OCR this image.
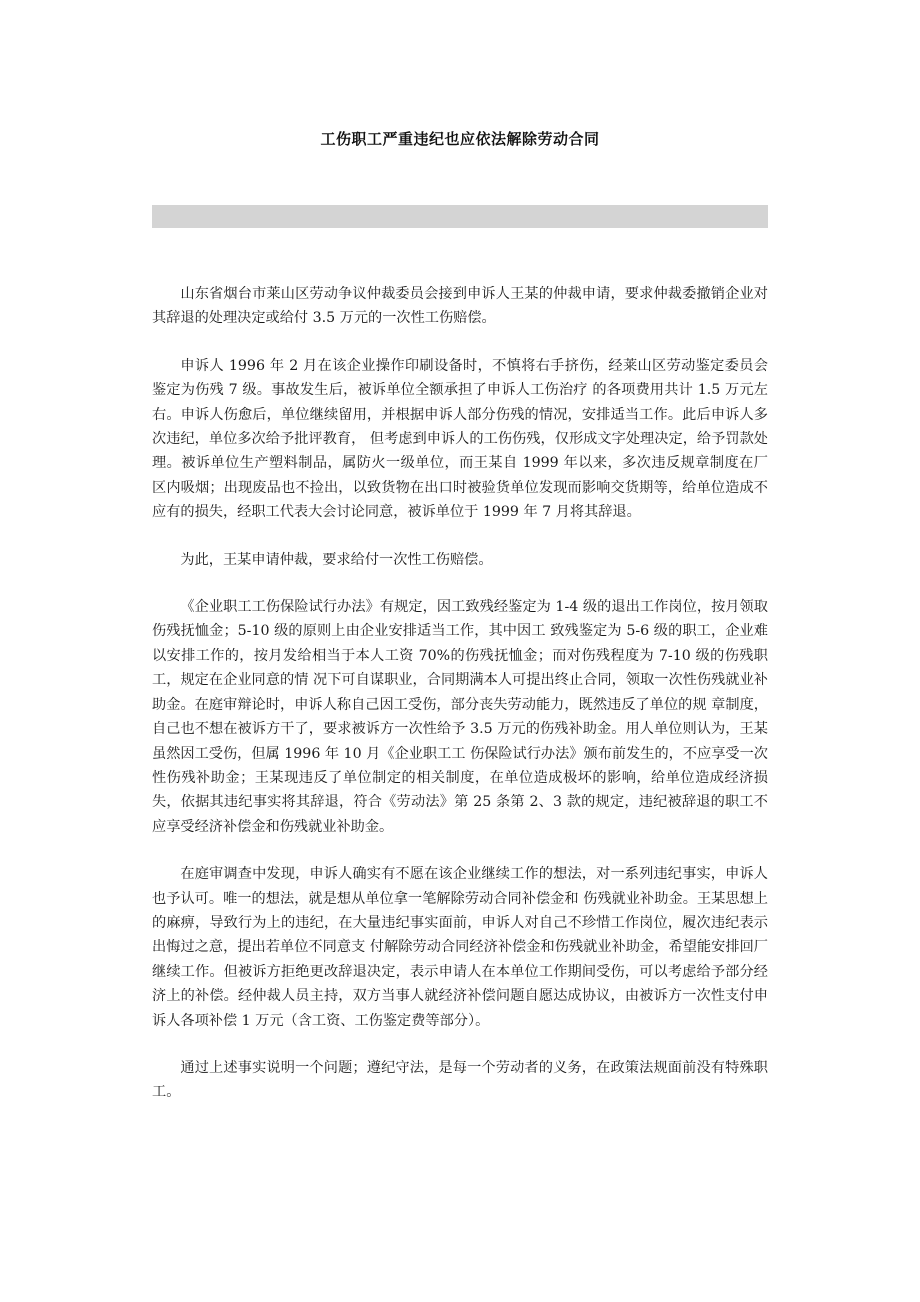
工伤职工严重违纪也应依法解除劳动合同

山东省烟台市莱山区劳动争议仲裁委员会接到申诉人王某的仲裁申请，要求仲裁委撤销企业对其辞退的处理决定或给付 3.5 万元的一次性工伤赔偿。

申诉人 1996 年 2 月在该企业操作印刷设备时，不慎将右手挤伤，经莱山区劳动鉴定委员会鉴定为伤残 7 级。事故发生后，被诉单位全额承担了申诉人工伤治疗 的各项费用共计 1.5 万元左右。申诉人伤愈后，单位继续留用，并根据申诉人部分伤残的情况，安排适当工作。此后申诉人多次违纪，单位多次给予批评教育， 但考虑到申诉人的工伤伤残，仅形成文字处理决定，给予罚款处理。被诉单位生产塑料制品，属防火一级单位，而王某自 1999 年以来，多次违反规章制度在厂 区内吸烟；出现废品也不捡出，以致货物在出口时被验货单位发现而影响交货期等，给单位造成不应有的损失，经职工代表大会讨论同意，被诉单位于 1999 年 7 月将其辞退。

为此，王某申请仲裁，要求给付一次性工伤赔偿。

《企业职工工伤保险试行办法》有规定，因工致残经鉴定为 1-4 级的退出工作岗位，按月领取伤残抚恤金；5-10 级的原则上由企业安排适当工作，其中因工 致残鉴定为 5-6 级的职工，企业难以安排工作的，按月发给相当于本人工资 70%的伤残抚恤金；而对伤残程度为 7-10 级的伤残职工，规定在企业同意的情 况下可自谋职业，合同期满本人可提出终止合同，领取一次性伤残就业补助金。在庭审辩论时，申诉人称自己因工受伤，部分丧失劳动能力，既然违反了单位的规 章制度，自己也不想在被诉方干了，要求被诉方一次性给予 3.5 万元的伤残补助金。用人单位则认为，王某虽然因工受伤，但属 1996 年 10 月《企业职工工 伤保险试行办法》颁布前发生的，不应享受一次性伤残补助金；王某现违反了单位制定的相关制度，在单位造成极坏的影响，给单位造成经济损失，依据其违纪事实将其辞退，符合《劳动法》第 25 条第 2、3 款的规定，违纪被辞退的职工不应享受经济补偿金和伤残就业补助金。

在庭审调查中发现，申诉人确实有不愿在该企业继续工作的想法，对一系列违纪事实，申诉人也予认可。唯一的想法，就是想从单位拿一笔解除劳动合同补偿金和 伤残就业补助金。王某思想上的麻痹，导致行为上的违纪，在大量违纪事实面前，申诉人对自己不珍惜工作岗位，履次违纪表示出悔过之意，提出若单位不同意支 付解除劳动合同经济补偿金和伤残就业补助金，希望能安排回厂继续工作。但被诉方拒绝更改辞退决定，表示申请人在本单位工作期间受伤，可以考虑给予部分经济上的补偿。经仲裁人员主持，双方当事人就经济补偿问题自愿达成协议，由被诉方一次性支付申诉人各项补偿 1 万元（含工资、工伤鉴定费等部分）。

通过上述事实说明一个问题；遵纪守法，是每一个劳动者的义务，在政策法规面前没有特殊职工。
